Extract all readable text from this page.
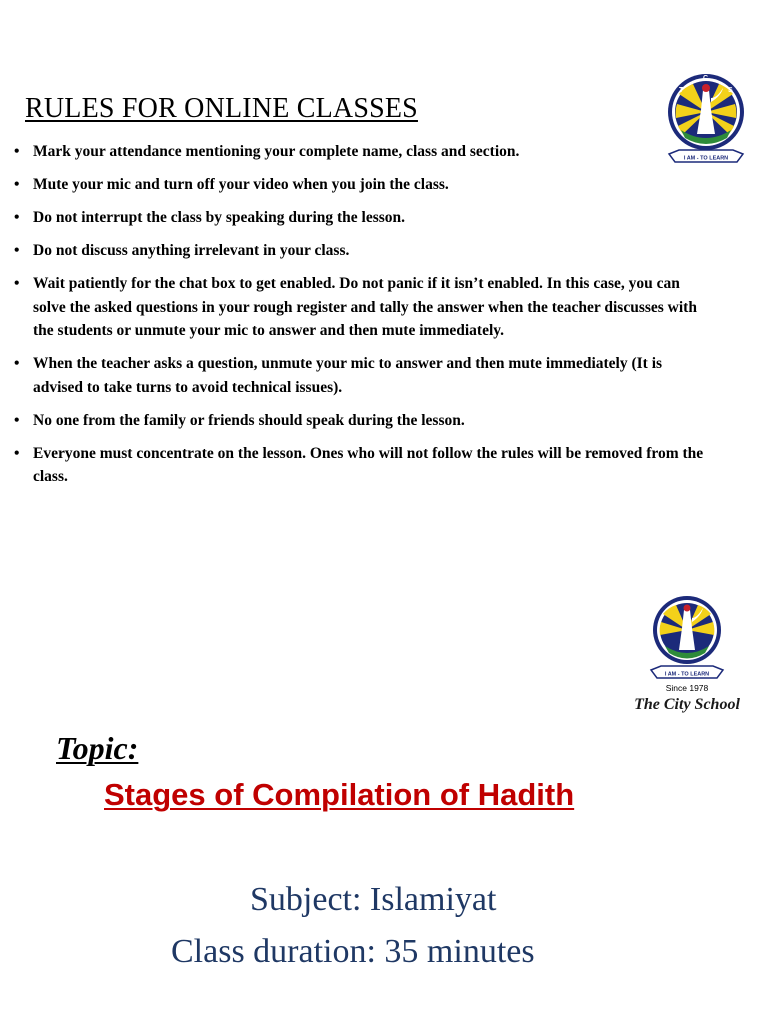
RULES FOR ONLINE CLASSES
• Mark your attendance mentioning your complete name, class and section.
• Mute your mic and turn off your video when you join the class.
• Do not interrupt the class by speaking during the lesson.
• Do not discuss anything irrelevant in your class.
• Wait patiently for the chat box to get enabled. Do not panic if it isn’t enabled. In this case, you can solve the asked questions in your rough register and tally the answer when the teacher discusses with the students or unmute your mic to answer and then mute immediately.
• When the teacher asks a question, unmute your mic to answer and then mute immediately (It is advised to take turns to avoid technical issues).
• No one from the family or friends should speak during the lesson.
• Everyone must concentrate on the lesson. Ones who will not follow the rules will be removed from the class.
T
C
S
I AM - TO LEARN
I AM - TO LEARN
Since 1978
The City School
Topic:
Stages of Compilation of Hadith
Subject: Islamiyat
Class duration: 35 minutes
